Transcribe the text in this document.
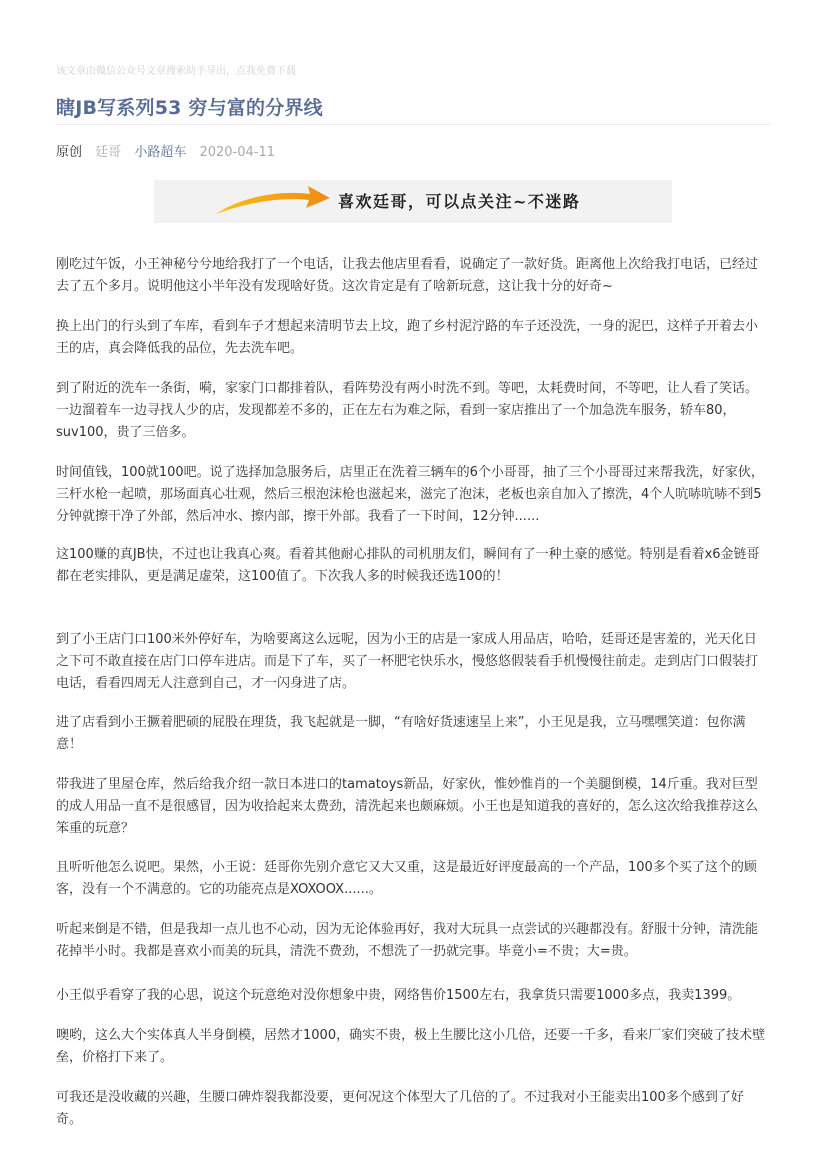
该文章由微信公众号文章搜索助手导出，点我免费下载
瞎JB写系列53 穷与富的分界线
原创 廷哥 小路超车 2020-04-11
喜欢廷哥，可以点关注~不迷路

刚吃过午饭，小王神秘兮兮地给我打了一个电话，让我去他店里看看，说确定了一款好货。距离他上次给我打电话，已经过去了五个多月。说明他这小半年没有发现啥好货。这次肯定是有了啥新玩意，这让我十分的好奇~

换上出门的行头到了车库，看到车子才想起来清明节去上坟，跑了乡村泥泞路的车子还没洗，一身的泥巴，这样子开着去小王的店，真会降低我的品位，先去洗车吧。

到了附近的洗车一条街，嗬，家家门口都排着队，看阵势没有两小时洗不到。等吧，太耗费时间，不等吧，让人看了笑话。一边溜着车一边寻找人少的店，发现都差不多的，正在左右为难之际，看到一家店推出了一个加急洗车服务，轿车80，suv100，贵了三倍多。

时间值钱，100就100吧。说了选择加急服务后，店里正在洗着三辆车的6个小哥哥，抽了三个小哥哥过来帮我洗，好家伙，三杆水枪一起喷，那场面真心壮观，然后三根泡沫枪也滋起来，滋完了泡沫，老板也亲自加入了擦洗，4个人吭哧吭哧不到5分钟就擦干净了外部，然后冲水、擦内部，擦干外部。我看了一下时间，12分钟......

这100赚的真JB快，不过也让我真心爽。看着其他耐心排队的司机朋友们，瞬间有了一种土豪的感觉。特别是看着x6金链哥都在老实排队，更是满足虚荣，这100值了。下次我人多的时候我还选100的！

到了小王店门口100米外停好车，为啥要离这么远呢，因为小王的店是一家成人用品店，哈哈，廷哥还是害羞的，光天化日之下可不敢直接在店门口停车进店。而是下了车，买了一杯肥宅快乐水，慢悠悠假装看手机慢慢往前走。走到店门口假装打电话，看看四周无人注意到自己，才一闪身进了店。

进了店看到小王撅着肥硕的屁股在理货，我飞起就是一脚，“有啥好货速速呈上来”，小王见是我，立马嘿嘿笑道：包你满意！

带我进了里屋仓库，然后给我介绍一款日本进口的tamatoys新品，好家伙，惟妙惟肖的一个美腿倒模，14斤重。我对巨型的成人用品一直不是很感冒，因为收拾起来太费劲，清洗起来也颇麻烦。小王也是知道我的喜好的，怎么这次给我推荐这么笨重的玩意？

且听听他怎么说吧。果然，小王说：廷哥你先别介意它又大又重，这是最近好评度最高的一个产品，100多个买了这个的顾客，没有一个不满意的。它的功能亮点是XOXOOX......。

听起来倒是不错，但是我却一点儿也不心动，因为无论体验再好，我对大玩具一点尝试的兴趣都没有。舒服十分钟，清洗能花掉半小时。我都是喜欢小而美的玩具，清洗不费劲，不想洗了一扔就完事。毕竟小=不贵；大=贵。

小王似乎看穿了我的心思，说这个玩意绝对没你想象中贵，网络售价1500左右，我拿货只需要1000多点，我卖1399。

噢哟，这么大个实体真人半身倒模，居然才1000，确实不贵，极上生腰比这小几倍，还要一千多，看来厂家们突破了技术壁垒，价格打下来了。

可我还是没收藏的兴趣，生腰口碑炸裂我都没要，更何况这个体型大了几倍的了。不过我对小王能卖出100多个感到了好奇。
